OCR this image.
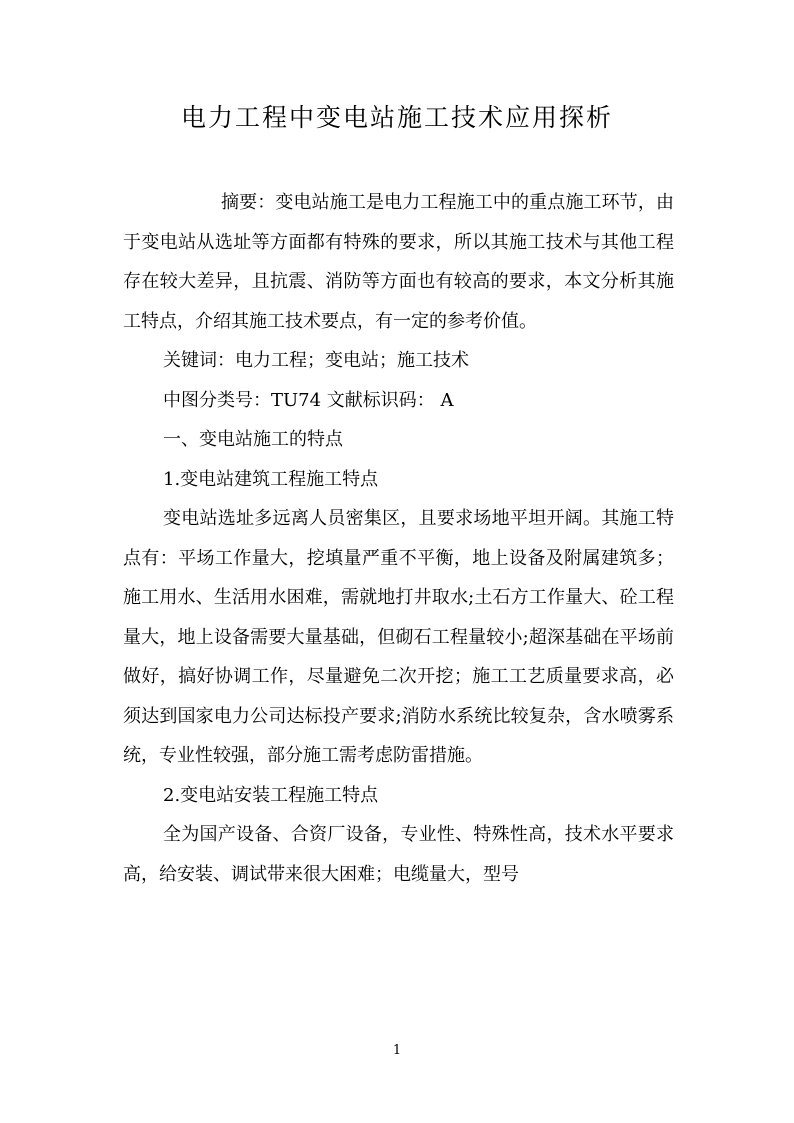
电力工程中变电站施工技术应用探析

摘要：变电站施工是电力工程施工中的重点施工环节，由于变电站从选址等方面都有特殊的要求，所以其施工技术与其他工程存在较大差异，且抗震、消防等方面也有较高的要求，本文分析其施工特点，介绍其施工技术要点，有一定的参考价值。

关键词：电力工程；变电站；施工技术

中图分类号：TU74 文献标识码： A

一、变电站施工的特点

1.变电站建筑工程施工特点

变电站选址多远离人员密集区，且要求场地平坦开阔。其施工特点有：平场工作量大，挖填量严重不平衡，地上设备及附属建筑多；施工用水、生活用水困难，需就地打井取水;土石方工作量大、砼工程量大，地上设备需要大量基础，但砌石工程量较小;超深基础在平场前做好，搞好协调工作，尽量避免二次开挖；施工工艺质量要求高，必须达到国家电力公司达标投产要求;消防水系统比较复杂，含水喷雾系统，专业性较强，部分施工需考虑防雷措施。

2.变电站安装工程施工特点

全为国产设备、合资厂设备，专业性、特殊性高，技术水平要求高，给安装、调试带来很大困难；电缆量大，型号

1
